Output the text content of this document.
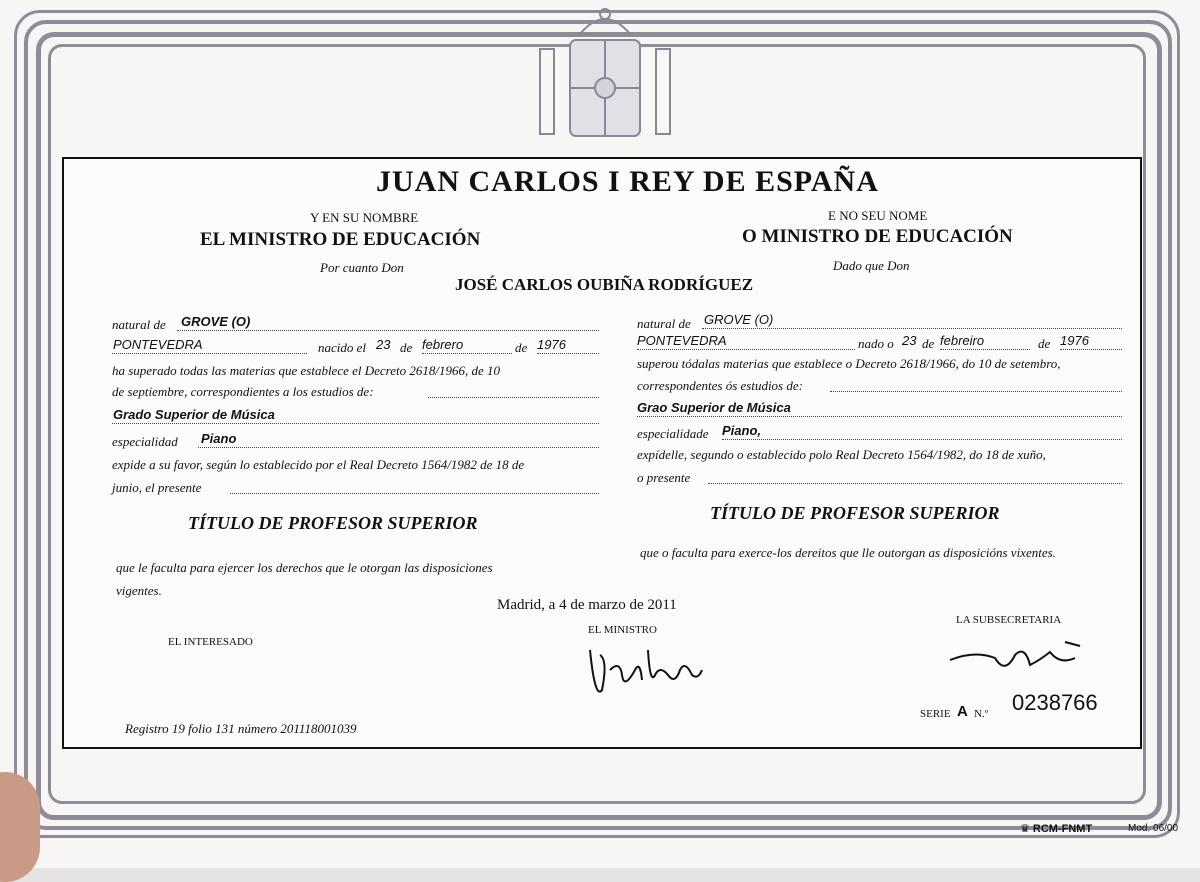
JUAN CARLOS I REY DE ESPAÑA
Y EN SU NOMBRE
EL MINISTRO DE EDUCACIÓN
Por cuanto Don
E NO SEU NOME
O MINISTRO DE EDUCACIÓN
Dado que Don
JOSÉ CARLOS OUBIÑA RODRÍGUEZ
natural de GROVE (O)
PONTEVEDRA	nacido el 23 de febrero	de 1976
ha superado todas las materias que establece el Decreto 2618/1966, de 10
de septiembre, correspondientes a los estudios de:
Grado Superior de Música
especialidad Piano
expide a su favor, según lo establecido por el Real Decreto 1564/1982 de 18 de
junio, el presente
TÍTULO DE PROFESOR SUPERIOR
que le faculta para ejercer los derechos que le otorgan las disposiciones
vigentes.
natural de GROVE (O)
PONTEVEDRA	nado o 23 de febreiro	de 1976
superou tódalas materias que establece o Decreto 2618/1966, do 10 de setembro,
correspondentes ós estudios de:
Grao Superior de Música
especialidade Piano,
expídelle, segundo o establecido polo Real Decreto 1564/1982, do 18 de xuño,
o presente
TÍTULO DE PROFESOR SUPERIOR
que o faculta para exerce-los dereitos que lle outorgan as disposicións vixentes.
Madrid, a 4 de marzo de 2011
EL INTERESADO
EL MINISTRO
LA SUBSECRETARIA
Registro 19 folio 131 número 201118001039
SERIE A N.º 0238766
♛ RCM-FNMT	Mod. 06/00
